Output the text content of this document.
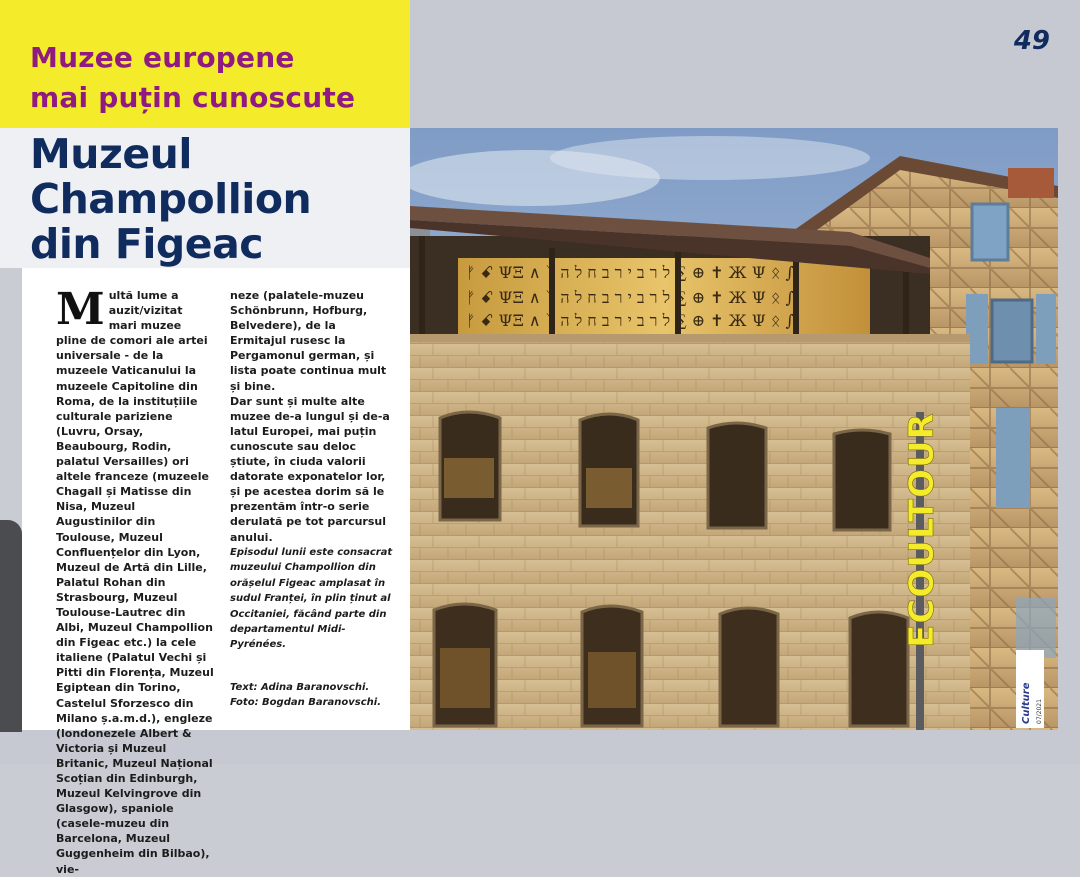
Muzee europene
mai puțin cunoscute
Muzeul
Champollion
din Figeac
49
M ultă lume a auzit/vizitat mari muzee pline de comori ale artei universale - de la muzeele Vaticanului la muzeele Capitoline din Roma, de la instituțiile culturale pariziene (Luvru, Orsay, Beaubourg, Rodin, palatul Versailles) ori altele franceze (muzeele Chagall și Matisse din Nisa, Muzeul Augustinilor din Toulouse, Muzeul Confluențelor din Lyon, Muzeul de Artă din Lille, Palatul Rohan din Strasbourg, Muzeul Toulouse-Lautrec din Albi, Muzeul Champollion din Figeac etc.) la cele italiene (Palatul Vechi și Pitti din Florența, Muzeul Egiptean din Torino, Castelul Sforzesco din Milano ș.a.m.d.), engleze (londonezele Albert & Victoria și Muzeul Britanic, Muzeul Național Scoțian din Edinburgh, Muzeul Kelvingrove din Glasgow), spaniole (casele-muzeu din Barcelona, Muzeul Guggenheim din Bilbao), vie-

neze (palatele-muzeu Schönbrunn, Hofburg, Belvedere), de la Ermitajul rusesc la Pergamonul german, și lista poate continua mult și bine.

Dar sunt și multe alte muzee de-a lungul și de-a latul Europei, mai puțin cunoscute sau deloc știute, în ciuda valorii datorate exponatelor lor, și pe acestea dorim să le prezentăm într-o serie derulată pe tot parcursul anului.

Episodul lunii este consacrat muzeului Champollion din orășelul Figeac amplasat în sudul Franței, în plin ținut al Occitaniei, făcând parte din departamentul Midi-Pyrénées.
Text: Adina Baranovschi.
Foto: Bogdan Baranovschi.
ᚠ ꗃ ΨΞ ∧ ᛉ ל ר ב י ר ב ח ל ה ∑ ⊕ ✝ Ж Ψ ᛟ ∫
ᚠ ꗃ ΨΞ ∧ ᛉ ל ר ב י ר ב ח ל ה ∑ ⊕ ✝ Ж Ψ ᛟ ∫
ᚠ ꗃ ΨΞ ∧ ᛉ ל ר ב י ר ב ח ל ה ∑ ⊕ ✝ Ж Ψ ᛟ ∫
ECOULTOUR
Culture 07/2021
